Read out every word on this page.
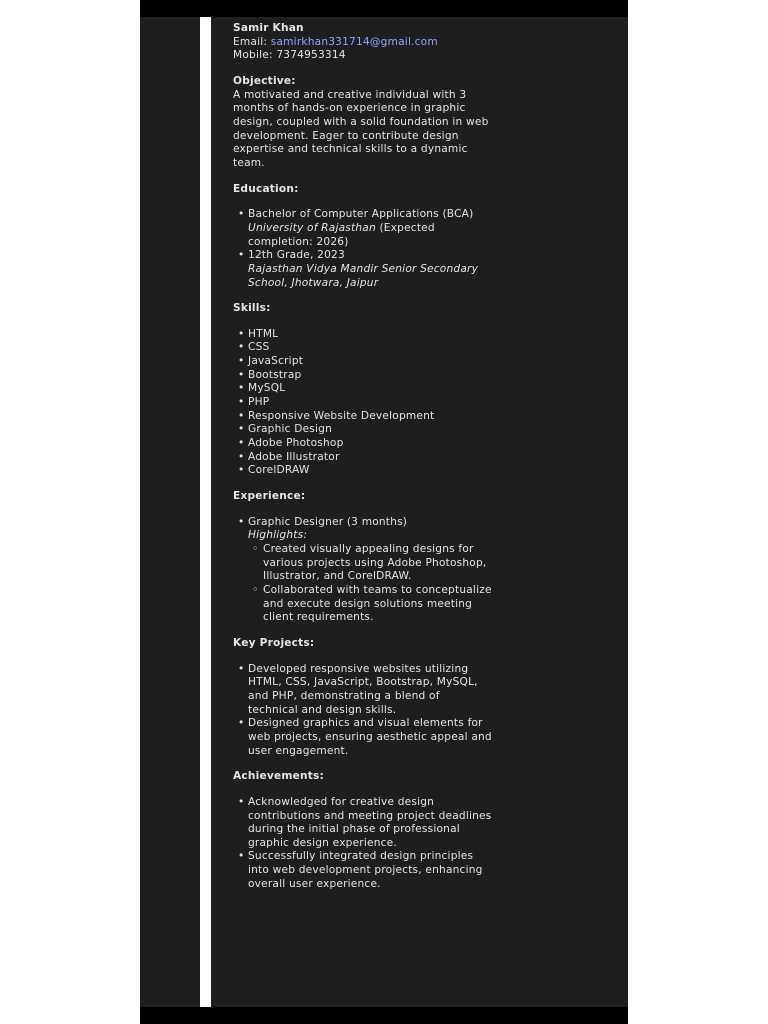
Samir Khan

Email: samirkhan331714@gmail.com

Mobile: 7374953314

Objective:

A motivated and creative individual with 3 months of hands-on experience in graphic design, coupled with a solid foundation in web development. Eager to contribute design expertise and technical skills to a dynamic team.

Education:

• Bachelor of Computer Applications (BCA)
University of Rajasthan (Expected completion: 2026)
• 12th Grade, 2023
Rajasthan Vidya Mandir Senior Secondary School, Jhotwara, Jaipur

Skills:

• HTML
• CSS
• JavaScript
• Bootstrap
• MySQL
• PHP
• Responsive Website Development
• Graphic Design
• Adobe Photoshop
• Adobe Illustrator
• CorelDRAW

Experience:

• Graphic Designer (3 months)
Highlights:
◦ Created visually appealing designs for various projects using Adobe Photoshop, Illustrator, and CorelDRAW.
◦ Collaborated with teams to conceptualize and execute design solutions meeting client requirements.

Key Projects:

• Developed responsive websites utilizing HTML, CSS, JavaScript, Bootstrap, MySQL, and PHP, demonstrating a blend of technical and design skills.
• Designed graphics and visual elements for web projects, ensuring aesthetic appeal and user engagement.

Achievements:

• Acknowledged for creative design contributions and meeting project deadlines during the initial phase of professional graphic design experience.
• Successfully integrated design principles into web development projects, enhancing overall user experience.
